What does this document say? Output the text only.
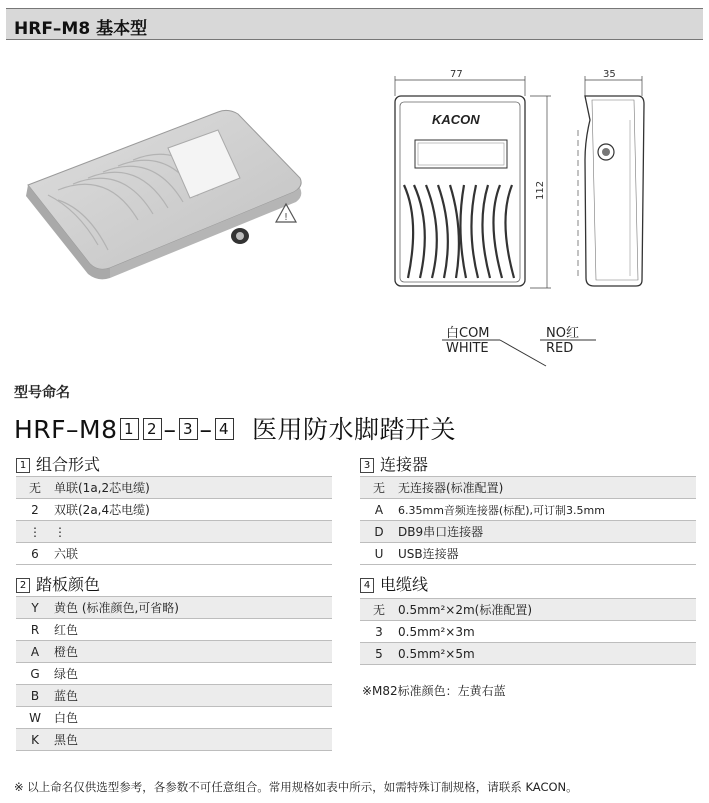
HRF–M8 基本型
!
77
112
35
KACON
白COM
WHITE
NO红
RED
型号命名
HRF–M8 1 2 – 3 – 4 医用防水脚踏开关
1 组合形式
无	单联(1a,2芯电缆)
2	双联(2a,4芯电缆)
⋮	⋮
6	六联
2 踏板颜色
Y	黄色 (标准颜色,可省略)
R	红色
A	橙色
G	绿色
B	蓝色
W	白色
K	黑色
3 连接器
无	无连接器(标准配置)
A	6.35mm音频连接器(标配),可订制3.5mm
D	DB9串口连接器
U	USB连接器
4 电缆线
无	0.5mm²×2m(标准配置)
3	0.5mm²×3m
5	0.5mm²×5m
※M82标准颜色：左黄右蓝
※ 以上命名仅供选型参考，各参数不可任意组合。常用规格如表中所示，如需特殊订制规格，请联系 KACON。
